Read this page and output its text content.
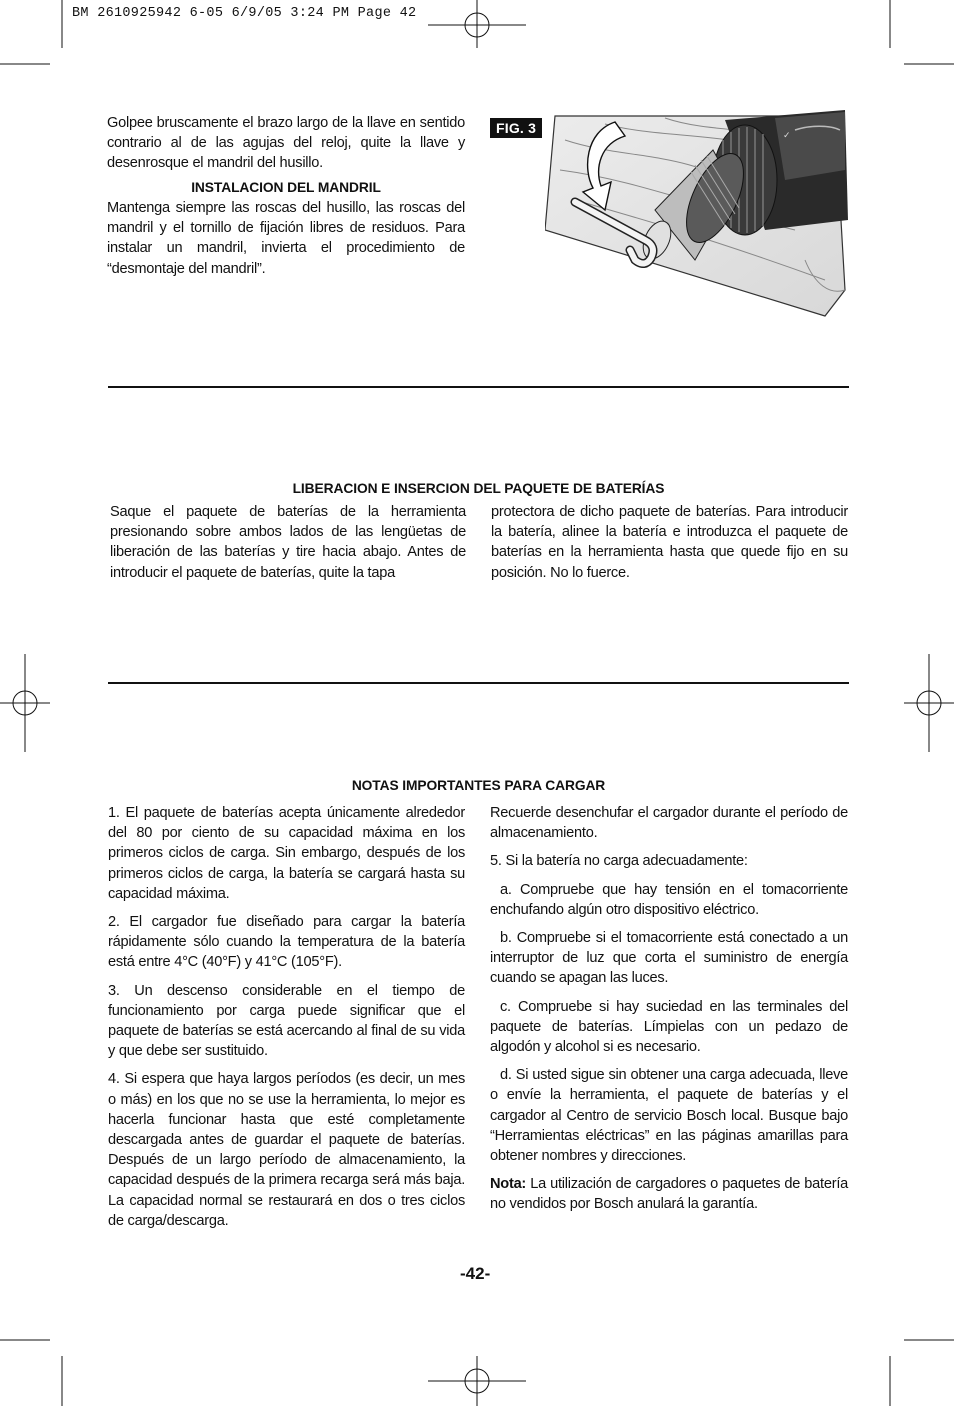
BM 2610925942 6-05 6/9/05 3:24 PM Page 42

Golpee bruscamente el brazo largo de la llave en sentido contrario al de las agujas del reloj, quite la llave y desenrosque el mandril del husillo.

INSTALACION DEL MANDRIL

Mantenga siempre las roscas del husillo, las roscas del mandril y el tornillo de fijación libres de residuos. Para instalar un mandril, invierta el procedimiento de “desmontaje del mandril”.

FIG. 3	✓
LIBERACION E INSERCION DEL PAQUETE DE BATERÍAS

Saque el paquete de baterías de la herramienta presionando sobre ambos lados de las lengüetas de liberación de las baterías y tire hacia abajo. Antes de introducir el paquete de baterías, quite la tapa

protectora de dicho paquete de baterías. Para introducir la batería, alinee la batería e introduzca el paquete de baterías en la herramienta hasta que quede fijo en su posición. No lo fuerce.

NOTAS IMPORTANTES PARA CARGAR

1. El paquete de baterías acepta únicamente alrededor del 80 por ciento de su capacidad máxima en los primeros ciclos de carga. Sin embargo, después de los primeros ciclos de carga, la batería se cargará hasta su capacidad máxima.

2. El cargador fue diseñado para cargar la batería rápidamente sólo cuando la temperatura de la batería está entre 4°C (40°F) y 41°C (105°F).

3. Un descenso considerable en el tiempo de funcionamiento por carga puede significar que el paquete de baterías se está acercando al final de su vida y que debe ser sustituido.

4. Si espera que haya largos períodos (es decir, un mes o más) en los que no se use la herramienta, lo mejor es hacerla funcionar hasta que esté completamente descargada antes de guardar el paquete de baterías. Después de un largo período de almacenamiento, la capacidad después de la primera recarga será más baja. La capacidad normal se restaurará en dos o tres ciclos de carga/descarga.

Recuerde desenchufar el cargador durante el período de almacenamiento.

5. Si la batería no carga adecuadamente:

a. Compruebe que hay tensión en el tomacorriente enchufando algún otro dispositivo eléctrico.

b. Compruebe si el tomacorriente está conectado a un interruptor de luz que corta el suministro de energía cuando se apagan las luces.

c. Compruebe si hay suciedad en las terminales del paquete de baterías. Límpielas con un pedazo de algodón y alcohol si es necesario.

d. Si usted sigue sin obtener una carga adecuada, lleve o envíe la herramienta, el paquete de baterías y el cargador al Centro de servicio Bosch local. Busque bajo “Herramientas eléctricas” en las páginas amarillas para obtener nombres y direcciones.

Nota: La utilización de cargadores o paquetes de batería no vendidos por Bosch anulará la garantía.

-42-
